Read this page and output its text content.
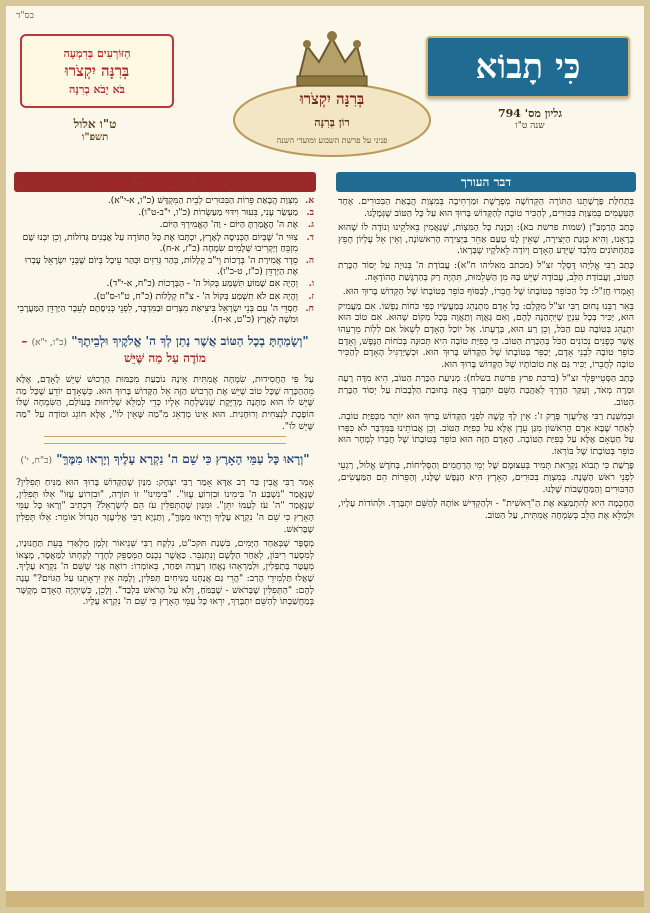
בס"ד
כִּי תָבוֹא
גליון מס' 794
שנה ט"ו
בְּרִנָּה יִקְצֹרוּ
רוֹן בְּרִנָּה
פניני על פרשת השבוע ומועדי השנה
הַזּוֹרְעִים בְּדִמְעָה
בְּרִנָּה יִקְצֹרוּ
בֹּא יָבֹא בְרִנָּה
ט"ו אלול
תשפ"ו
דבר העורך

בִּתְחִלַּת פָּרָשָׁתֵנוּ הַתּוֹרָה הַקְּדוֹשָׁה מְפָרֶשֶׁת וּמַרְחִיבָה בְּמִצְוַת הֲבָאַת הַבִּכּוּרִים. אֶחָד הַטְּעָמִים בְּמִצְוַת בִּכּוּרִים, לְהַכִּיר טוֹבָה לְהַקָּדוֹשׁ בָּרוּךְ הוּא עַל כָּל הַטּוֹב שֶׁגְּמָלָנוּ.

כָּתַב הָרַמְבַּ"ן (שמות פרשת בא): וְכַוָּנַת כָּל הַמִּצְוֹת, שֶׁנַּאֲמִין בֵּאלֹקֵינוּ וְנוֹדֶה לוֹ שֶׁהוּא בְרָאָנוּ, וְהִיא כַּוָּנַת הַיְּצִירָה, שֶׁאֵין לָנוּ טַעַם אַחֵר בַּיְּצִירָה הָרִאשׁוֹנָה, וְאֵין אֵל עֶלְיוֹן חָפֵץ בַּתַּחְתּוֹנִים מִלְּבַד שֶׁיֵּדַע הָאָדָם וְיוֹדֶה לֵאלֹקָיו שֶׁבְּרָאוֹ.

כָּתַב רַבִּי אֱלִיָּהוּ דֶּסְלֶר זצ"ל (מכתב מאליהו ח"א): עֲבוֹדַת ה' בְּנוּיָה עַל יְסוֹד הַכָּרַת הַטּוֹב, וַעֲבוֹדַת הַלֵּב, עֲבוֹדָה שֶׁיֵּשׁ בָּהּ מִן הַשְּׁלֵמוּת, תִּהְיֶה רַק בְּהַרְגָּשַׁת הַהוֹדָאָה.

וְאָמְרוּ חֲזַ"ל: כָּל הַכּוֹפֵר בְּטוֹבָתוֹ שֶׁל חֲבֵרוֹ, לְבַסּוֹף כּוֹפֵר בְּטוֹבָתוֹ שֶׁל הַקָּדוֹשׁ בָּרוּךְ הוּא.

בֵּאֵר רַבֵּנוּ נְחוּם רַבִּי זצ"ל מִקֶּלְם: כָּל אָדָם מִתְנַהֵג בְּמַעֲשָׂיו כְּפִי כֹּחוֹת נַפְשׁוֹ. אִם מַעֲמִיק הוּא, יַכִּיר בְּכָל עִנְיָן שֶׁיִּתְהַנֶּה לָהֶם, וְאִם גַּאֲוָה וְתַאֲוָה בְּכָל מְקוֹם שֶׁהוּא. אִם טוֹב הוּא יִתְנַהֵג בְּטוֹבָה עִם הַכֹּל, וְכֵן רַע הוּא, בְּרָעָתוֹ. אֵל יוֹכַל הָאָדָם לִשְׁאֹל אִם לִלְוֹת מֵרְעֵהוּ אֲשֶׁר כְּפָנִים נְכוֹנִים הַכֹּל בְּהַכָּרַת הַטּוֹב. כִּי כְּפִיַּת טוֹבָה הִיא תְּכוּנָה בְּכֹחוֹת הַנֶּפֶשׁ, וְאָדָם כּוֹפֵר טוֹבָה לִבְנֵי אָדָם, יְכַפֵּר בְּטוֹבָתוֹ שֶׁל הַקָּדוֹשׁ בָּרוּךְ הוּא. וּכְשֶׁיַּרְגִּיל הָאָדָם לְהַכִּיר טוֹבָה לְחֲבֵרוֹ, יַכִּיר גַּם אֶת טוֹבוֹתָיו שֶׁל הַקָּדוֹשׁ בָּרוּךְ הוּא.

כָּתַב הַסְּטֵייפְּלֶר זצ"ל (ברכת פרץ פרשת בשלח): מְנִיעַת הַכָּרַת הַטּוֹב, הִיא מִדָּה רָעָה וּמַרָה מְאֹד, וְעִקַּר הַדֶּרֶךְ לְאַהֲבַת הַשֵּׁם יִתְבָּרַךְ בָּאָה בְּחוּבַת הַלְּבָבוֹת עַל יְסוֹד הַכָּרַת הַטּוֹב.

וּבְמִשְׁנַת רַבִּי אֱלִיעֶזֶר פֶּרֶק ז': אֵין לְךָ קָשֶׁה לִפְנֵי הַקָּדוֹשׁ בָּרוּךְ הוּא יוֹתֵר מִכְּפִיַּת טוֹבָה. לְאַחַר שֶׁבָּא אָדָם הָרִאשׁוֹן מִגַּן עֵדֶן אֶלָּא עַל כְּפִיַּת הַטּוֹב. וְכֵן אֲבוֹתֵינוּ בַּמִּדְבָּר לֹא כִּפְּרוּ עַל חַטְאָם אֶלָּא עַל כְּפִיַּת הַטּוֹבָה. הָאָדָם הַזֶּה הוּא כּוֹפֵר בְּטוֹבָתוֹ שֶׁל חֲבֵרוֹ לְמָחָר הוּא כּוֹפֵר בְּטוֹבָתוֹ שֶׁל בּוֹרְאוֹ.

פָּרָשַׁת כִּי תָבוֹא נִקְרֵאת תָּמִיד בְּעִצּוּמָם שֶׁל יְמֵי הָרַחֲמִים וְהַסְּלִיחוֹת, בְּחֹדֶשׁ אֱלוּל, רַגְעֵי לִפְנֵי רֹאשׁ הַשָּׁנָה. בְּמִצְוַת בִּכּוּרִים, הָאָרֶץ הִיא הַנֶּפֶשׁ שֶׁלָּנוּ, וְהַפֵּרוֹת הֵם הַמַּעֲשִׂים, הַדִּבּוּרִים וְהַמַּחֲשָׁבוֹת שֶׁלָּנוּ.

הַחָכְמָה הִיא לְהִתְמַצֵּא אֶת הַ"רֵאשִׁית" - וּלְהַקְדִּישׁ אוֹתָהּ לְהַשֵּׁם יִתְבָּרַךְ. וּלְהוֹדוֹת עָלָיו, וּלְמַלֵּא אֶת הַלֵּב בְּשִׂמְחָה אֲמִתִּית, עַל הַטּוֹב.

כִּי תָבוֹא - תוכן ענייני הפרשה
א.
מִצְוַת הֲבָאַת פֵּרוֹת הַבִּכּוּרִים לְבֵית הַמִּקְדָּשׁ (כ"ו, א-י"א).
ב.
מַעְשַׂר עָנִי, בִּעוּר וִידּוּי מַעַשְׂרוֹת (כ"ו, י"ב-ט"ו).
ג.
אֶת ה' הֶאֱמַרְתָּ הַיּוֹם - וַה' הֶאֱמִירְךָ הַיּוֹם.
ד.
צִוּוּי ה' שֶׁבְּיוֹם הַכְּנִיסָה לָאָרֶץ, יִכְתְּבוּ אֶת כָּל הַתּוֹרָה עַל אֲבָנִים גְּדוֹלוֹת, וְכֵן יִבְנוּ שָׁם מִזְבֵּחַ וְיַקְרִיבוּ שְׁלָמִים שִׂמְחָה (כ"ז, א-ח).
ה.
סֵדֶר אֲמִירַת ה' בְּרָכוֹת וְי"ב קְלָלוֹת, בְּהַר גְּרִזִים וּבְהַר עֵיבָל בְּיוֹם שֶׁבְּנֵי יִשְׂרָאֵל עָבְרוּ אֶת הַיַּרְדֵּן (כ"ז, ט-כ"ו).
ו.
וְהָיָה אִם שָׁמוֹעַ תִּשְׁמַע בְּקוֹל ה' - הַבְּרָכוֹת (כ"ח, א-י"ד).
ז.
וְהָיָה אִם לֹא תִשְׁמַע בְּקוֹל ה' - צ"ח קְלָלוֹת (כ"ח, ט"ו-ס"ט).
ח.
חַסְדֵּי ה' עִם בְּנֵי יִשְׂרָאֵל בִּיצִיאַת מִצְרַיִם וּבַמִּדְבָּר, לִפְנֵי כְּנִיסָתָם לְעֵבֶר הַיַּרְדֵּן הַמַּעֲרָבִי וּמֹשֶׁה לָאָרֶץ (כ"ט, א-ח).
"וְשָׂמַחְתָּ בְכָל הַטּוֹב אֲשֶׁר נָתַן לְךָ ה' אֱלֹקֶיךָ וּלְבֵיתֶךָ" (כ"ו, י"א) – מוֹדֶה עַל מַה שֶּׁיֵּשׁ

עַל פִּי הַחֲסִידוּת, שִׂמְחָה אֲמִתִּית אֵינָהּ נוֹבַעַת מִכַּמּוּת הָרְכוּשׁ שֶׁיֵּשׁ לָאָדָם, אֶלָּא מֵהַהַכָּרָה שֶׁכָּל טוֹב שֶׁיֵּשׁ אֶת הָרְכוּשׁ הַזֶּה אֵל הַקָּדוֹשׁ בָּרוּךְ הוּא. כְּשֶׁאָדָם יוֹדֵעַ שֶׁכָּל מַה שֶּׁיֵּשׁ לוֹ הוּא מַתָּנָה מְדֻיֶּקֶת שֶׁנִּשְׁלְחָה אֵלָיו כְּדֵי לְמַלֵּא שְׁלִיחוּת בָּעוֹלָם, הַשִּׂמְחָה שֶׁלּוֹ הוֹפֶכֶת לִנְצִחִית וְרוּחָנִית. הוּא אֵינוֹ מְדַאֵג מִ"מַה שֶּׁאֵין לוֹ", אֶלָּא חוֹגֵג וּמוֹדֶה עַל "מַה שֶּׁיֵּשׁ לוֹ".

"וְרָאוּ כָּל עַמֵּי הָאָרֶץ כִּי שֵׁם ה' נִקְרָא עָלֶיךָ וְיָרְאוּ מִמֶּךָּ" (כ"ח, י')

אָמַר רַבִּי אֱבִין בַּר רַב אַדָּא אָמַר רַבִּי יִצְחָק: מִנַּיִן שֶׁהַקָּדוֹשׁ בָּרוּךְ הוּא מַנִּיחַ תְּפִלִּין? שֶׁנֶּאֱמַר "נִשְׁבַּע ה' בִּימִינוֹ וּבִזְרוֹעַ עֻזּוֹ". "בִּימִינוֹ" זוֹ תּוֹרָה, "וּבִזְרוֹעַ עֻזּוֹ" אֵלּוּ תְּפִלִּין, שֶׁנֶּאֱמַר "ה' עֹז לְעַמּוֹ יִתֵּן". וּמִנַּיִן שֶׁהַתְּפִלִּין עֹז הֵם לְיִשְׂרָאֵל? דִּכְתִיב "וְרָאוּ כָּל עַמֵּי הָאָרֶץ כִּי שֵׁם ה' נִקְרָא עָלֶיךָ וְיָרְאוּ מִמֶּךָּ", וְתַנְיָא רַבִּי אֱלִיעֶזֶר הַגָּדוֹל אוֹמֵר: אֵלּוּ תְּפִלִּין שֶׁבָּרֹאשׁ.

מְסֻפָּר שֶׁבְּאַחַד הַיָּמִים, בִּשְׁנַת תּקכ"ט, נִלְקַח רַבִּי שְׁנֵיאוֹר זַלְמָן מִלְּאַדִי בְּעֵת תַּחֲנוּנָיו, לְמִסְעַר רִיבּוֹן, לְאַחַר הַלֶּשֶׁם וְנִתְגַּבֵּר. כַּאֲשֶׁר נִכְנַס הַמְּסַפֵּק לַחֶדֶר לְקַחְתּוֹ לַמַּאֲסָר, מָצָאוֹ מְעֻטָּר בְּתַפְלִין, וּלְמַרְאֵהוּ נֶאֱחַז רְעָדָה וּפַחַד, בְּאוֹמְרוֹ: רוֹאֶה אֲנִי שֶׁשֵּׁם ה' נִקְרָא עָלֶיךָ. שָׁאֲלוּ תַּלְמִידֵי הָרַב: "הֲרֵי גַּם אֲנַחְנוּ מַנִּיחִים תְּפִלִּין, וְלָמָּה אֵין יִרְאָתֵנוּ עַל הַגּוֹיִם?" עָנָה לָהֶם: "הַתְּפִלִּין שֶׁבָּרֹאשׁ - שֶׁבַּמֹּחַ, וְלֹא עַל הָרֹאשׁ בִּלְבַד". וְלָכֵן, כְּשֶׁיִּהְיֶה הָאָדָם מְקֻשָּׁר בְּמַחֲשַׁבְתּוֹ לְהַשֵּׁם יִתְבָּרַךְ, יִרְאוּ כָּל עַמֵּי הָאָרֶץ כִּי שֵׁם ה' נִקְרָא עָלָיו.
